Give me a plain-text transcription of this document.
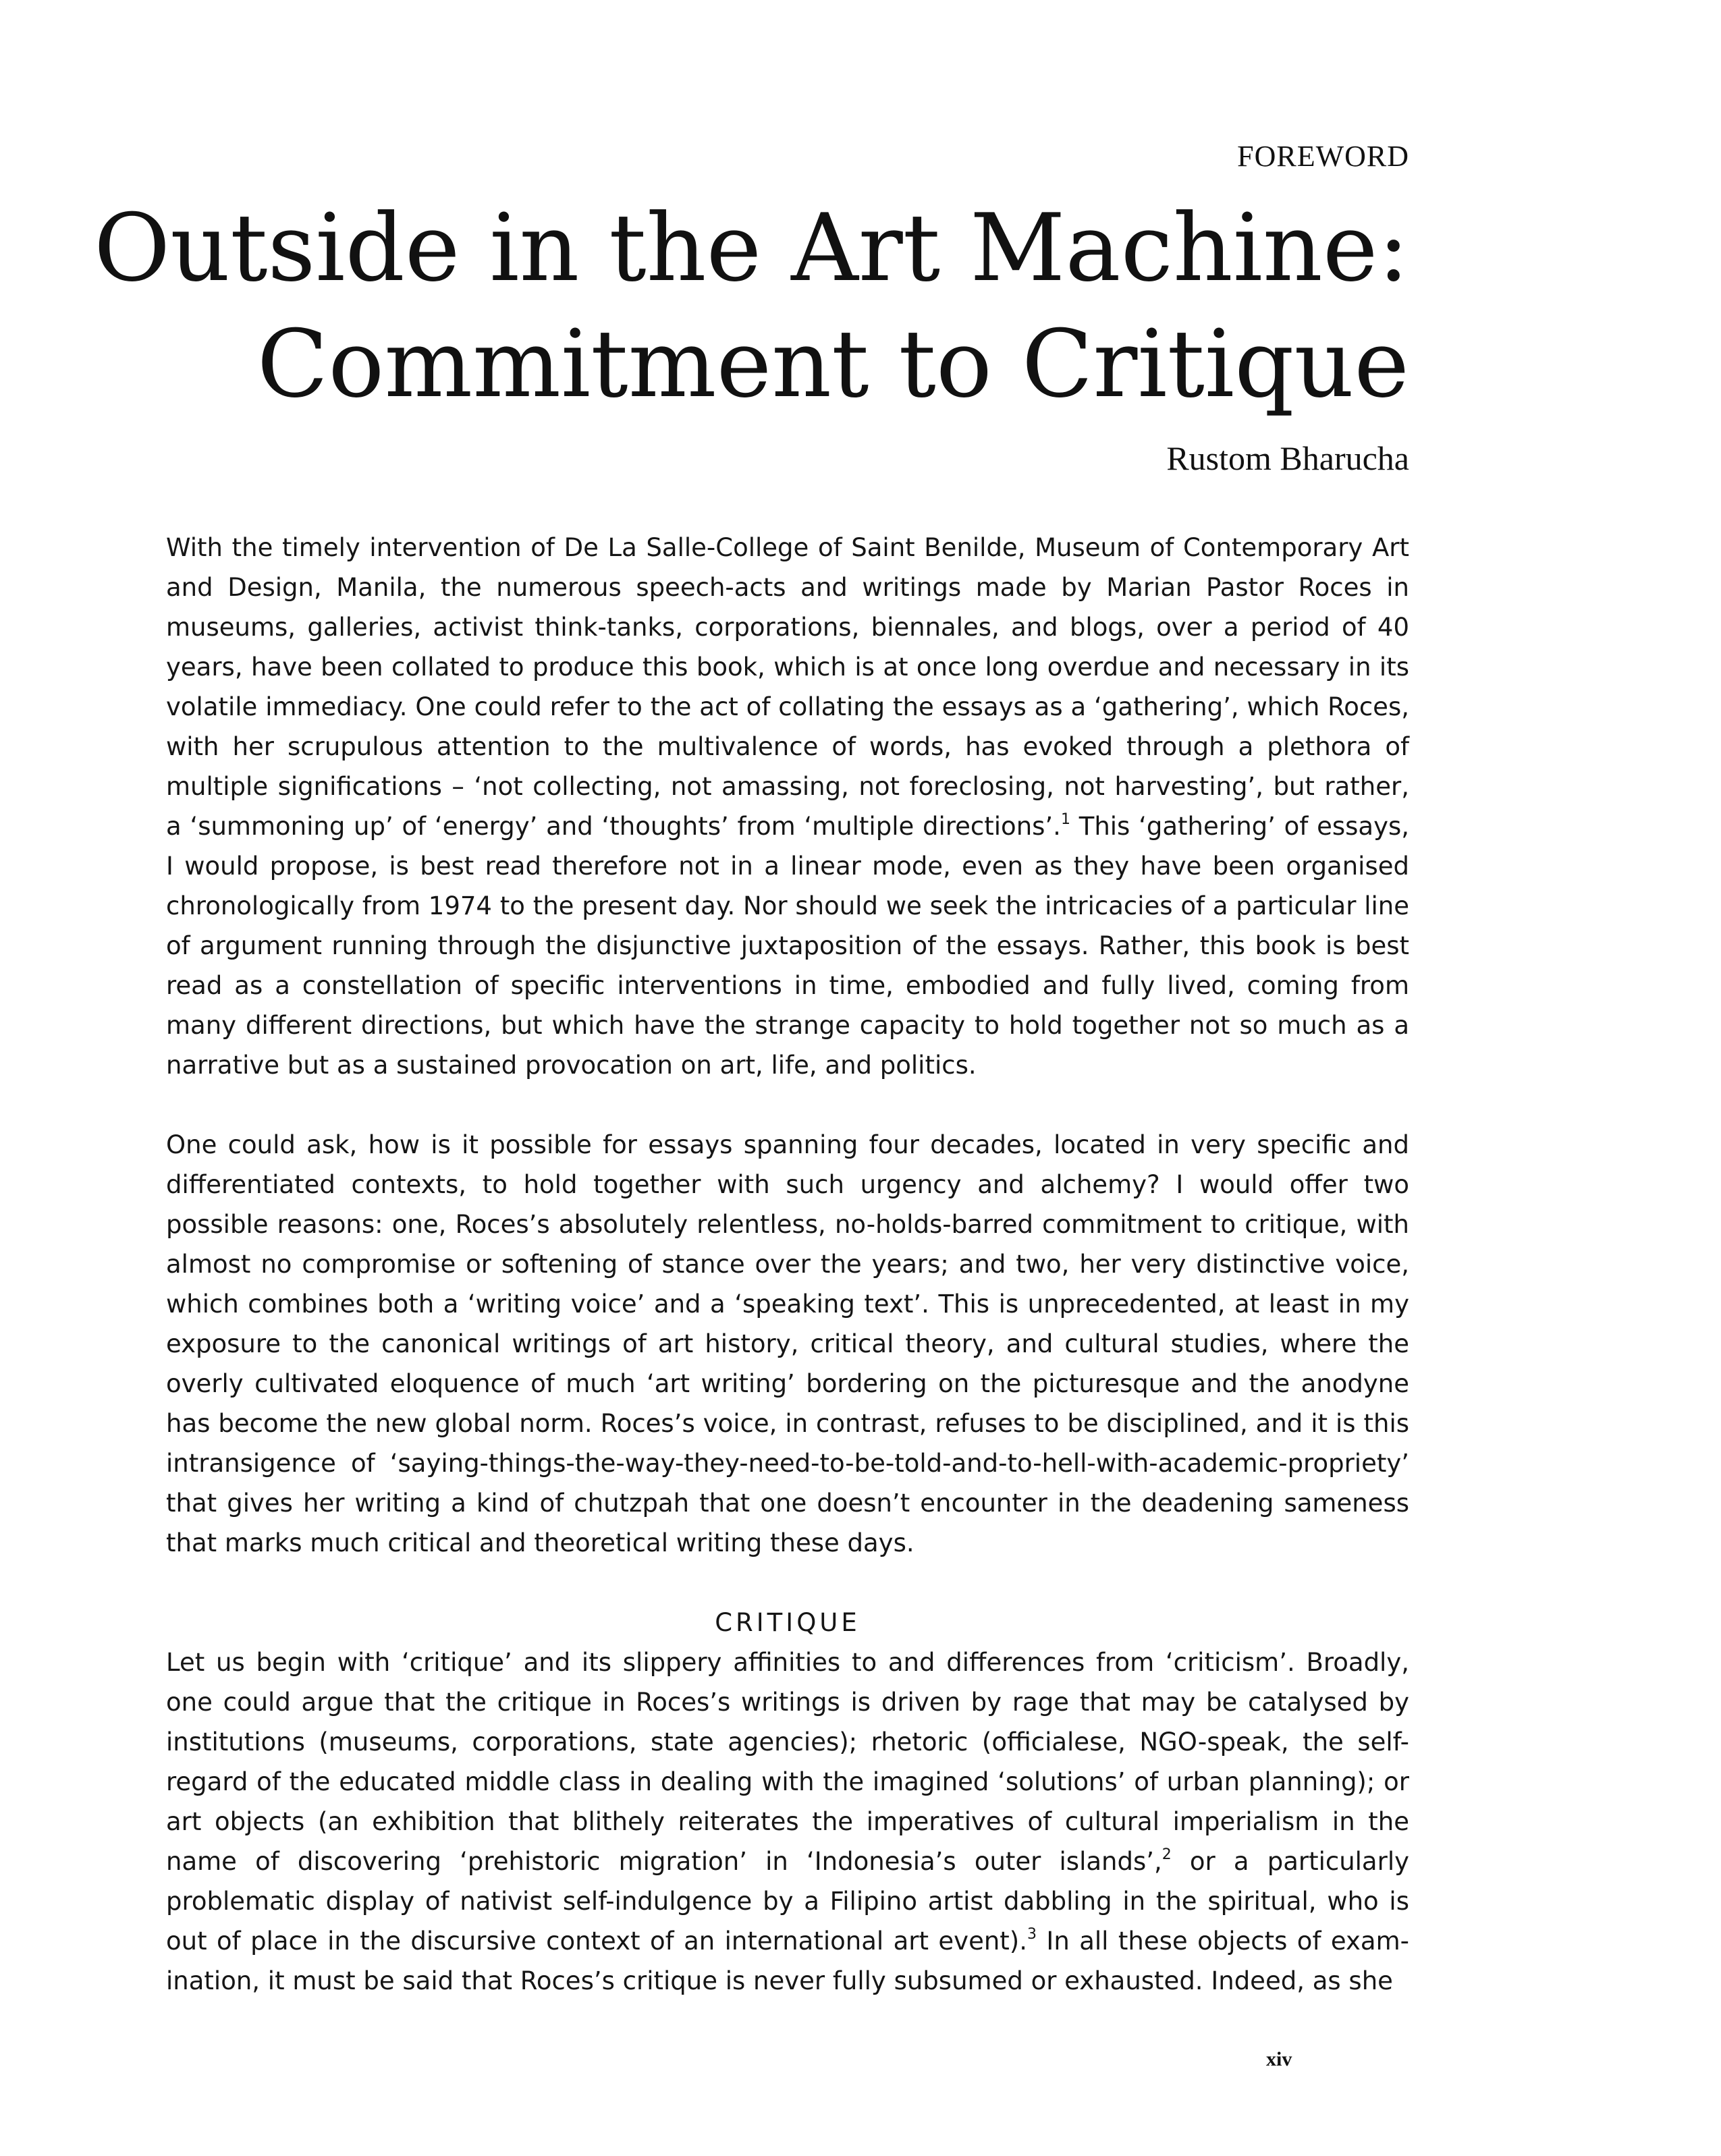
FOREWORD
Outside in the Art Machine:
Commitment to Critique
Rustom Bharucha

With the timely intervention of De La Salle-College of Saint Benilde, Museum of Contemporary Art and Design, Manila, the numerous speech-acts and writings made by Marian Pastor Roces in museums, galleries, activist think-tanks, corporations, biennales, and blogs, over a period of 40 years, have been collated to produce this book, which is at once long overdue and necessary in its volatile immediacy. One could refer to the act of collating the essays as a ‘gathering’, which Roces, with her scrupulous attention to the multivalence of words, has evoked through a plethora of multiple significations – ‘not collecting, not amassing, not foreclosing, not harvesting’, but rather, a ‘summoning up’ of ‘energy’ and ‘thoughts’ from ‘multiple directions’.$^1$ This ‘gathering’ of essays, I would propose, is best read therefore not in a linear mode, even as they have been organised chronologically from 1974 to the present day. Nor should we seek the intricacies of a particular line of argument running through the disjunctive juxtaposition of the essays. Rather, this book is best read as a constellation of specific interventions in time, embodied and fully lived, coming from many different directions, but which have the strange capacity to hold together not so much as a narrative but as a sustained provocation on art, life, and politics.

One could ask, how is it possible for essays spanning four decades, located in very specific and differentiated contexts, to hold together with such urgency and alchemy? I would offer two possible reasons: one, Roces’s absolutely relentless, no-holds-barred commitment to critique, with almost no compromise or softening of stance over the years; and two, her very distinctive voice, which combines both a ‘writing voice’ and a ‘speaking text’. This is unprecedented, at least in my exposure to the canonical writings of art history, critical theory, and cultural studies, where the overly cultivated eloquence of much ‘art writing’ bordering on the picturesque and the anodyne has become the new global norm. Roces’s voice, in contrast, refuses to be disciplined, and it is this intransigence of ‘saying-things-the-way-they-need-to-be-told-and-to-hell-with-academic-propriety’ that gives her writing a kind of chutzpah that one doesn’t encounter in the deadening sameness that marks much critical and theoretical writing these days.

CRITIQUE

Let us begin with ‘critique’ and its slippery affinities to and differences from ‘criticism’. Broadly, one could argue that the critique in Roces’s writings is driven by rage that may be catalysed by institutions (museums, corporations, state agencies); rhetoric (officialese, NGO-speak, the self-regard of the educated middle class in dealing with the imagined ‘solutions’ of urban planning); or art objects (an exhibition that blithely reiterates the imperatives of cultural imperialism in the name of discovering ‘prehistoric migration’ in ‘Indonesia’s outer islands’,$^2$ or a particularly problematic display of nativist self-indulgence by a Filipino artist dabbling in the spiritual, who is out of place in the discursive context of an international art event).$^3$ In all these objects of examination, it must be said that Roces’s critique is never fully subsumed or exhausted. Indeed, as she

xiv
